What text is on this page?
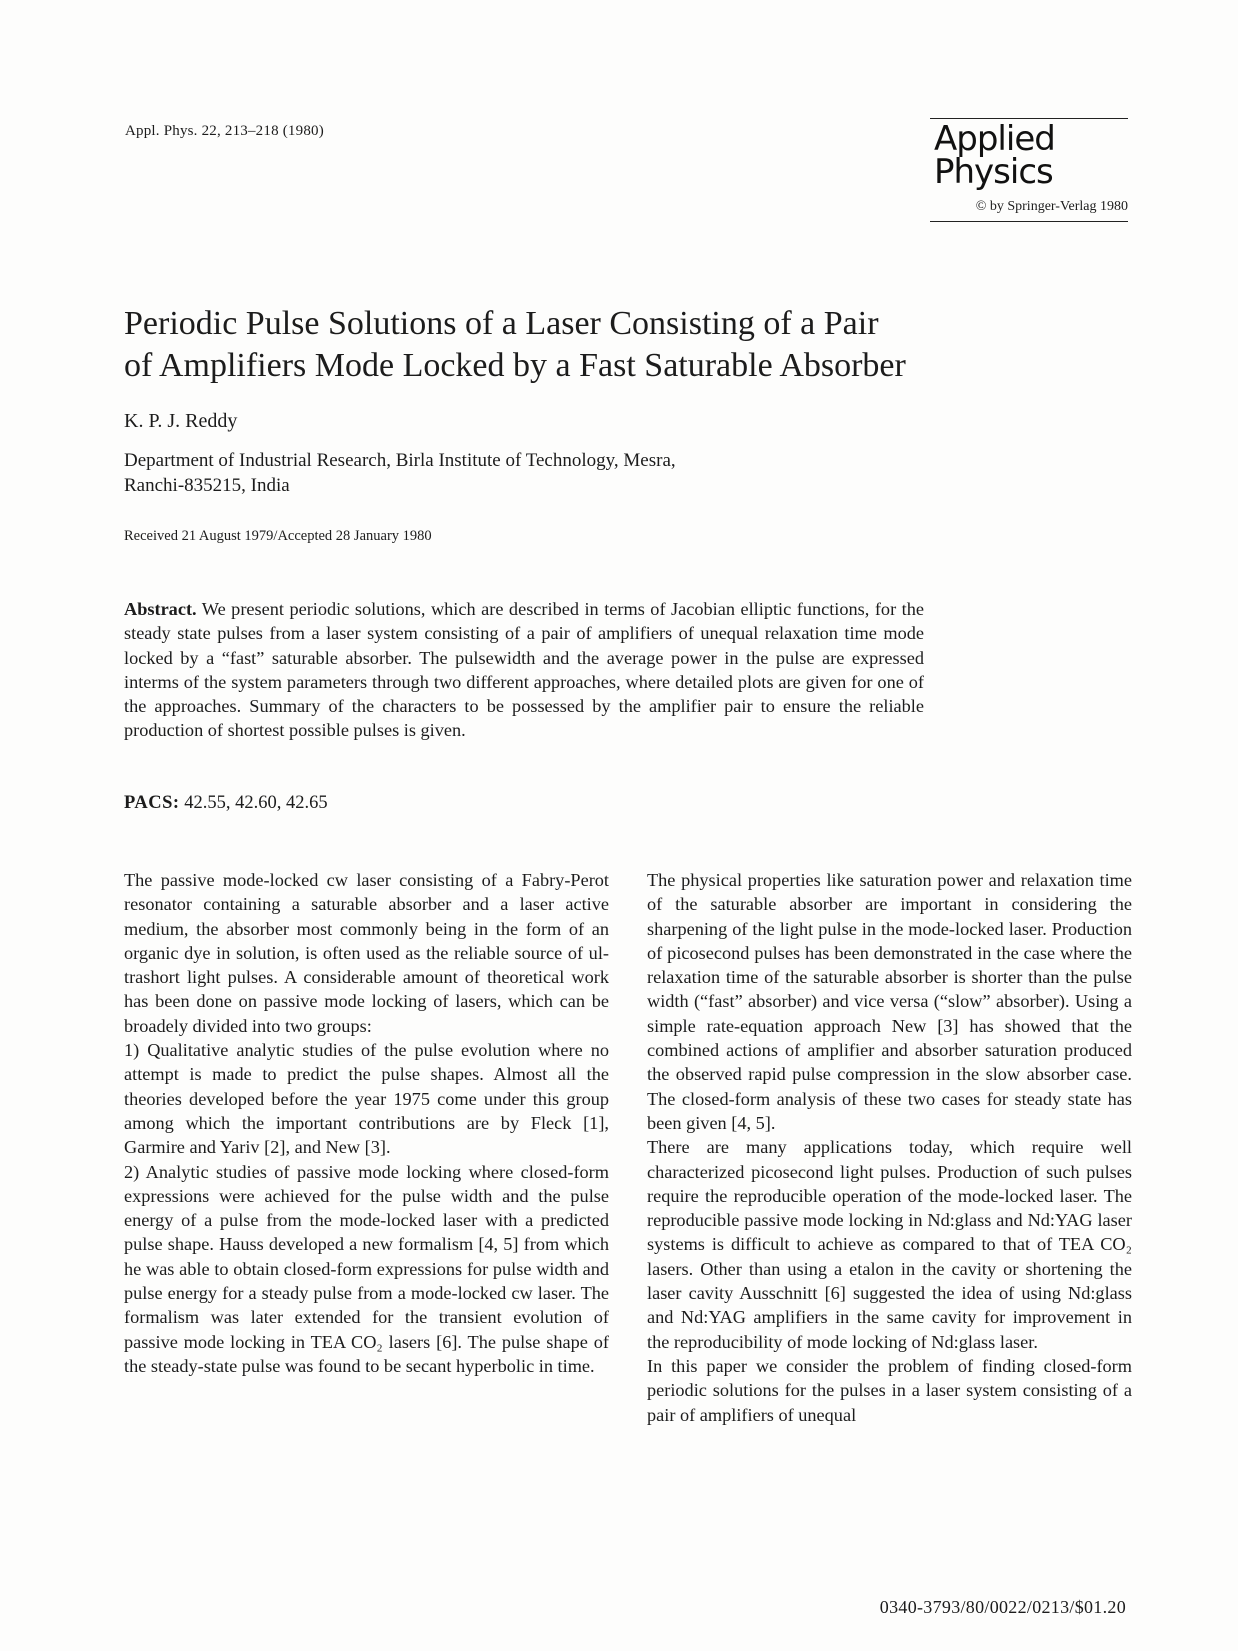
Appl. Phys. 22, 213–218 (1980)	Applied
Physics
© by Springer-Verlag 1980
Periodic Pulse Solutions of a Laser Consisting of a Pair
of Amplifiers Mode Locked by a Fast Saturable Absorber
K. P. J. Reddy
Department of Industrial Research, Birla Institute of Technology, Mesra,
Ranchi-835215, India
Received 21 August 1979/Accepted 28 January 1980
Abstract. We present periodic solutions, which are described in terms of Jacobian elliptic functions, for the steady state pulses from a laser system consisting of a pair of amplifiers of unequal relaxation time mode locked by a “fast” saturable absorber. The pulsewidth and the average power in the pulse are expressed interms of the system parameters through two different approaches, where detailed plots are given for one of the approaches. Summary of the characters to be possessed by the amplifier pair to ensure the reliable production of shortest possible pulses is given.
PACS: 42.55, 42.60, 42.65

The passive mode-locked cw laser consisting of a Fabry-Perot resonator containing a saturable absorber and a laser active medium, the absorber most commonly being in the form of an organic dye in solution, is often used as the reliable source of ultrashort light pulses. A considerable amount of theoretical work has been done on passive mode locking of lasers, which can be broadely divided into two groups:

1) Qualitative analytic studies of the pulse evolution where no attempt is made to predict the pulse shapes. Almost all the theories developed before the year 1975 come under this group among which the important contributions are by Fleck [1], Garmire and Yariv [2], and New [3].

2) Analytic studies of passive mode locking where closed-form expressions were achieved for the pulse width and the pulse energy of a pulse from the mode-locked laser with a predicted pulse shape. Hauss developed a new formalism [4, 5] from which he was able to obtain closed-form expressions for pulse width and pulse energy for a steady pulse from a mode-locked cw laser. The formalism was later extended for the transient evolution of passive mode locking in TEA CO₂ lasers [6]. The pulse shape of the steady-state pulse was found to be secant hyperbolic in time.

The physical properties like saturation power and relaxation time of the saturable absorber are important in considering the sharpening of the light pulse in the mode-locked laser. Production of picosecond pulses has been demonstrated in the case where the relaxation time of the saturable absorber is shorter than the pulse width (“fast” absorber) and vice versa (“slow” absorber). Using a simple rate-equation approach New [3] has showed that the combined actions of amplifier and absorber saturation produced the observed rapid pulse compression in the slow absorber case. The closed-form analysis of these two cases for steady state has been given [4, 5].

There are many applications today, which require well characterized picosecond light pulses. Production of such pulses require the reproducible operation of the mode-locked laser. The reproducible passive mode locking in Nd:glass and Nd:YAG laser systems is difficult to achieve as compared to that of TEA CO₂ lasers. Other than using a etalon in the cavity or shortening the laser cavity Ausschnitt [6] suggested the idea of using Nd:glass and Nd:YAG amplifiers in the same cavity for improvement in the reproducibility of mode locking of Nd:glass laser.

In this paper we consider the problem of finding closed-form periodic solutions for the pulses in a laser system consisting of a pair of amplifiers of unequal

0340-3793/80/0022/0213/$01.20
